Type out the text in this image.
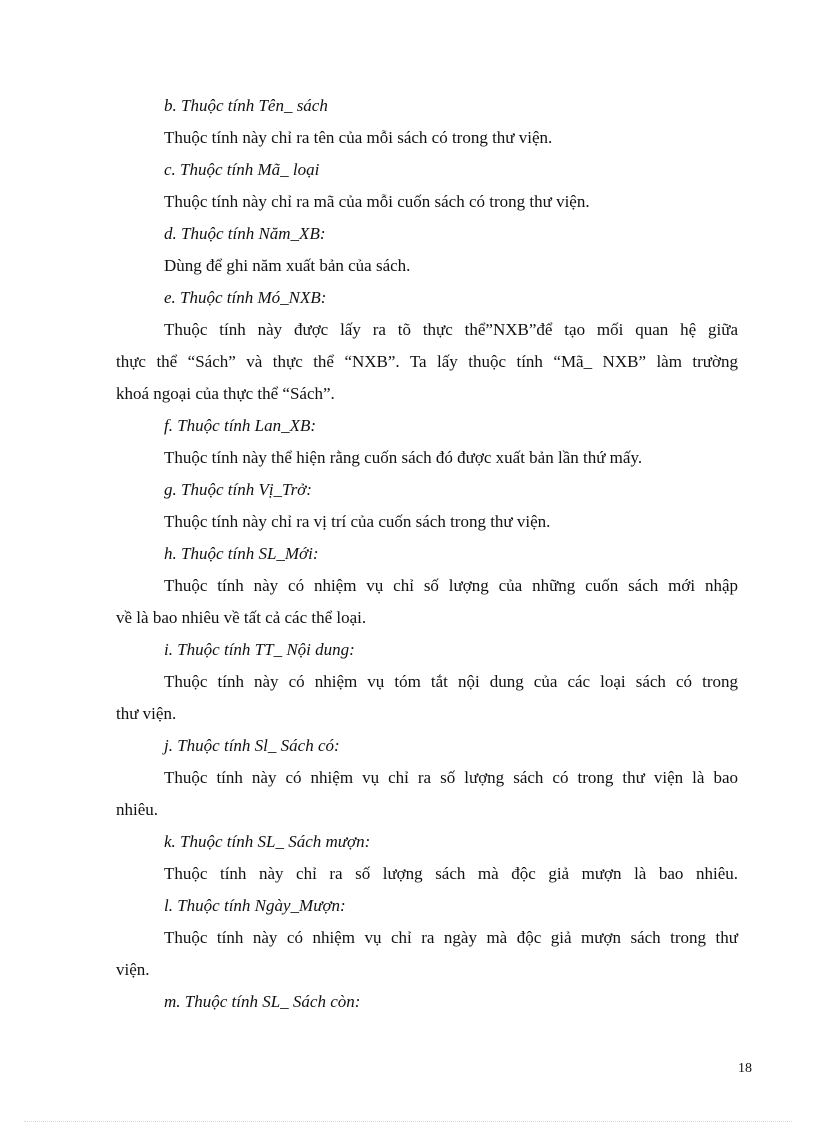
b. Thuộc tính Tên_ sách
Thuộc tính này chỉ ra tên của mỗi sách có trong thư viện.
c. Thuộc tính Mã_ loại
Thuộc tính này chỉ ra mã của mỗi cuốn sách có trong thư viện.
d. Thuộc tính Năm_XB:
Dùng để ghi năm xuất bản của sách.
e. Thuộc tính Mó_NXB:
Thuộc tính này được lấy ra tõ thực thể”NXB”để tạo mối quan hệ giữa
thực thể “Sách” và thực thể “NXB”. Ta lấy thuộc tính “Mã_ NXB” làm trường
khoá ngoại của thực thể “Sách”.
f. Thuộc tính Lan_XB:
Thuộc tính này thể hiện rằng cuốn sách đó được xuất bản lần thứ mấy.
g. Thuộc tính Vị_Trở:
Thuộc tính này chỉ ra vị trí của cuốn sách trong thư viện.
h. Thuộc tính SL_Mới:
Thuộc tính này có nhiệm vụ chỉ số lượng của những cuốn sách mới nhập
về là bao nhiêu về tất cả các thể loại.
i. Thuộc tính TT_ Nội dung:
Thuộc tính này có nhiệm vụ tóm tắt nội dung của các loại sách có trong
thư viện.
j. Thuộc tính Sl_ Sách có:
Thuộc tính này có nhiệm vụ chỉ ra số lượng sách có trong thư viện là bao
nhiêu.
k. Thuộc tính SL_ Sách mượn:
Thuộc tính này chỉ ra số lượng sách mà độc giả mượn là bao nhiêu.
l. Thuộc tính Ngày_Mượn:
Thuộc tính này có nhiệm vụ chỉ ra ngày mà độc giả mượn sách trong thư
viện.
m. Thuộc tính SL_ Sách còn:
18
